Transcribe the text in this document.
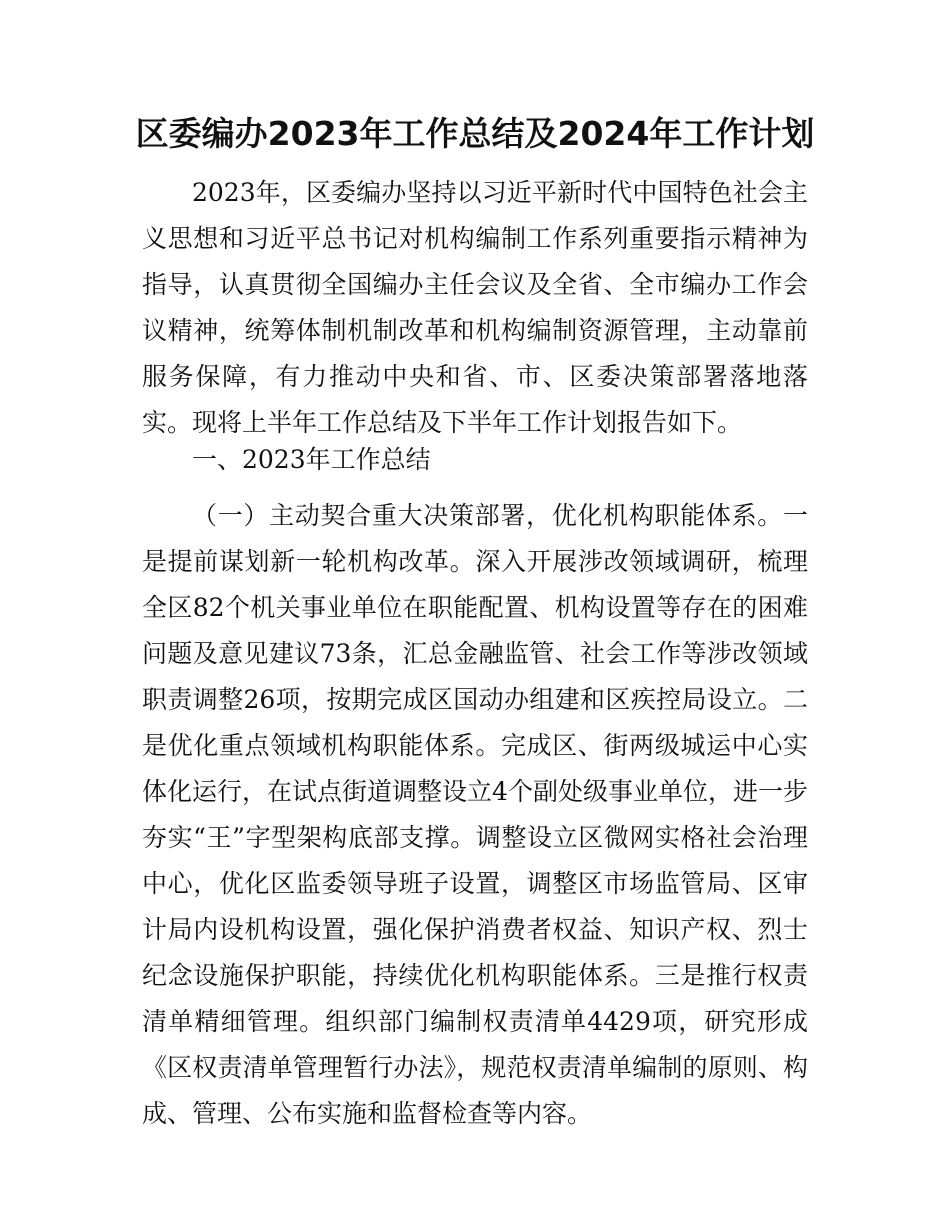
区委编办2023年工作总结及2024年工作计划

2023年，区委编办坚持以习近平新时代中国特色社会主义思想和习近平总书记对机构编制工作系列重要指示精神为指导，认真贯彻全国编办主任会议及全省、全市编办工作会议精神，统筹体制机制改革和机构编制资源管理，主动靠前服务保障，有力推动中央和省、市、区委决策部署落地落实。现将上半年工作总结及下半年工作计划报告如下。

一、2023年工作总结

（一）主动契合重大决策部署，优化机构职能体系。一是提前谋划新一轮机构改革。深入开展涉改领域调研，梳理全区82个机关事业单位在职能配置、机构设置等存在的困难问题及意见建议73条，汇总金融监管、社会工作等涉改领域职责调整26项，按期完成区国动办组建和区疾控局设立。二是优化重点领域机构职能体系。完成区、街两级城运中心实体化运行，在试点街道调整设立4个副处级事业单位，进一步夯实“王”字型架构底部支撑。调整设立区微网实格社会治理中心，优化区监委领导班子设置，调整区市场监管局、区审计局内设机构设置，强化保护消费者权益、知识产权、烈士纪念设施保护职能，持续优化机构职能体系。三是推行权责清单精细管理。组织部门编制权责清单4429项，研究形成《区权责清单管理暂行办法》，规范权责清单编制的原则、构成、管理、公布实施和监督检查等内容。
